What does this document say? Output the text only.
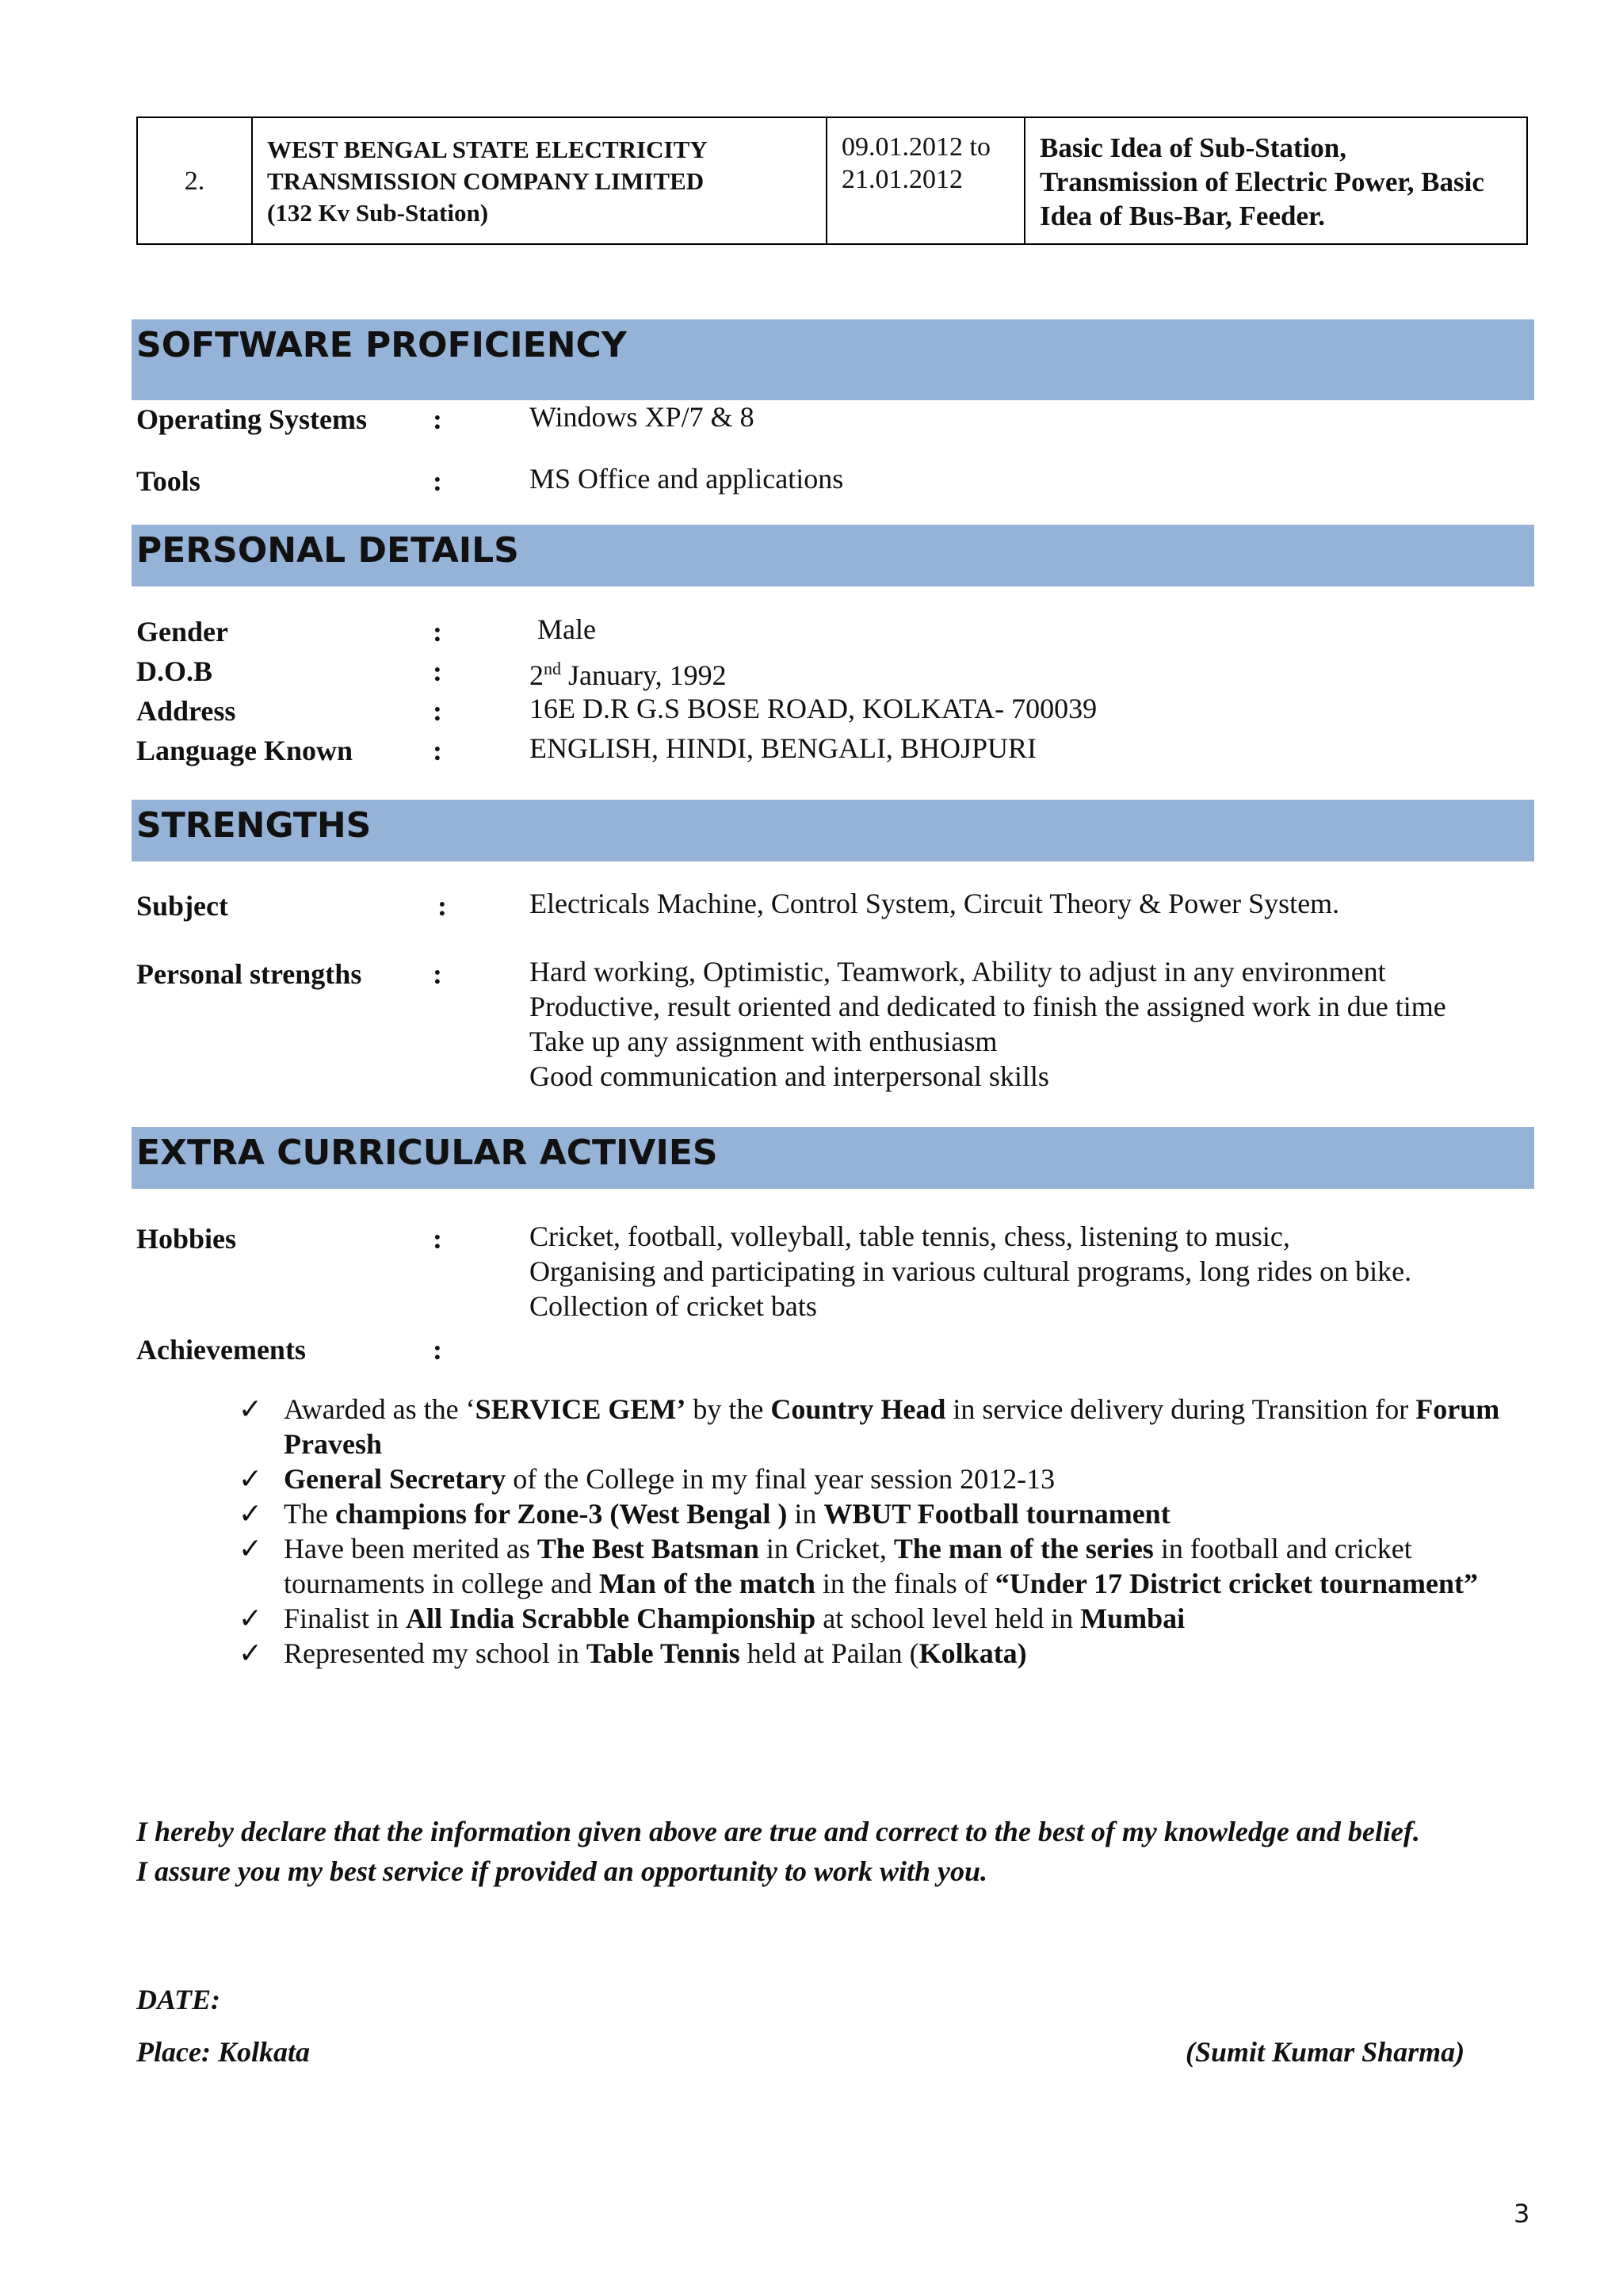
2.

WEST BENGAL STATE ELECTRICITY
TRANSMISSION COMPANY LIMITED
(132 Kv Sub-Station)

09.01.2012 to
21.01.2012

Basic Idea of Sub-Station,
Transmission of Electric Power, Basic
Idea of Bus-Bar, Feeder.
SOFTWARE PROFICIENCY
Operating Systems :	Windows XP/7 & 8
Tools	:	MS Office and applications
PERSONAL DETAILS
Gender	:	Male
D.O.B	:	2nd January, 1992
Address	:	16E D.R G.S BOSE ROAD, KOLKATA- 700039
Language Known	:	ENGLISH, HINDI, BENGALI, BHOJPURI
STRENGTHS
Subject	:	Electricals Machine, Control System, Circuit Theory & Power System.
Personal strengths :	Hard working, Optimistic, Teamwork, Ability to adjust in any environment
Productive, result oriented and dedicated to finish the assigned work in due time
Take up any assignment with enthusiasm
Good communication and interpersonal skills
EXTRA CURRICULAR ACTIVIES
Hobbies	:	Cricket, football, volleyball, table tennis, chess, listening to music,
Organising and participating in various cultural programs, long rides on bike.
Collection of cricket bats
Achievements	:
✓ Awarded as the ‘SERVICE GEM’ by the Country Head in service delivery during Transition for Forum Pravesh
✓ General Secretary of the College in my final year session 2012-13
✓ The champions for Zone-3 (West Bengal ) in WBUT Football tournament
✓ Have been merited as The Best Batsman in Cricket, The man of the series in football and cricket tournaments in college and Man of the match in the finals of “Under 17 District cricket tournament”
✓ Finalist in All India Scrabble Championship at school level held in Mumbai
✓ Represented my school in Table Tennis held at Pailan (Kolkata)
I hereby declare that the information given above are true and correct to the best of my knowledge and belief.
I assure you my best service if provided an opportunity to work with you.
DATE:
Place: Kolkata	(Sumit Kumar Sharma)
3
